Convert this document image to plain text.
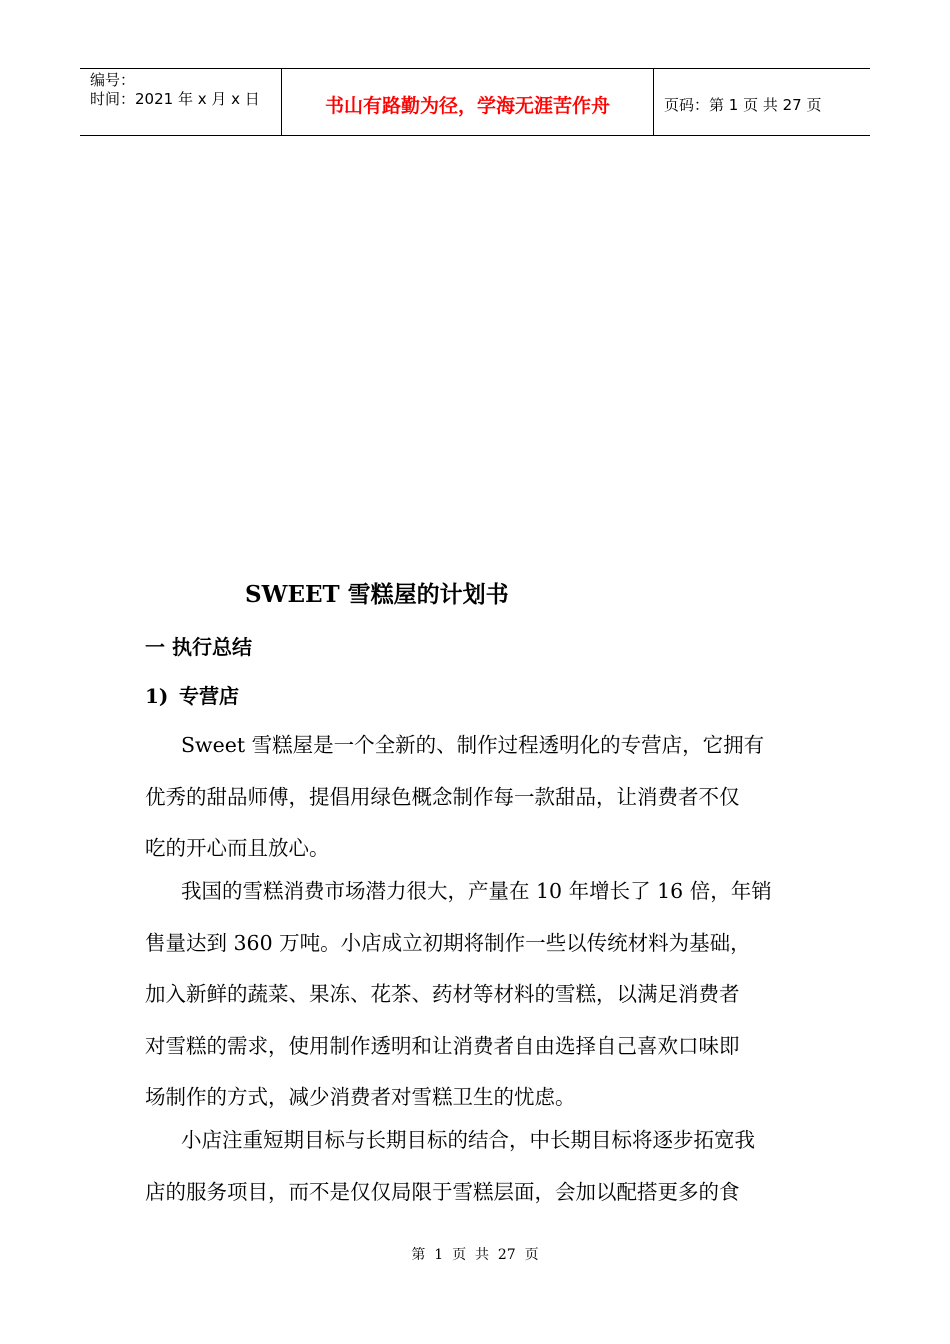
编号：
时间：2021 年 x 月 x 日	书山有路勤为径，学海无涯苦作舟	页码：第 1 页 共 27 页
SWEET 雪糕屋的计划书
一 执行总结
1) 专营店
Sweet 雪糕屋是一个全新的、制作过程透明化的专营店，它拥有
优秀的甜品师傅，提倡用绿色概念制作每一款甜品，让消费者不仅
吃的开心而且放心。
我国的雪糕消费市场潜力很大，产量在 10 年增长了 16 倍，年销
售量达到 360 万吨。小店成立初期将制作一些以传统材料为基础，
加入新鲜的蔬菜、果冻、花茶、药材等材料的雪糕，以满足消费者
对雪糕的需求，使用制作透明和让消费者自由选择自己喜欢口味即
场制作的方式，减少消费者对雪糕卫生的忧虑。
小店注重短期目标与长期目标的结合，中长期目标将逐步拓宽我
店的服务项目，而不是仅仅局限于雪糕层面，会加以配搭更多的食
第  1  页  共  27  页
